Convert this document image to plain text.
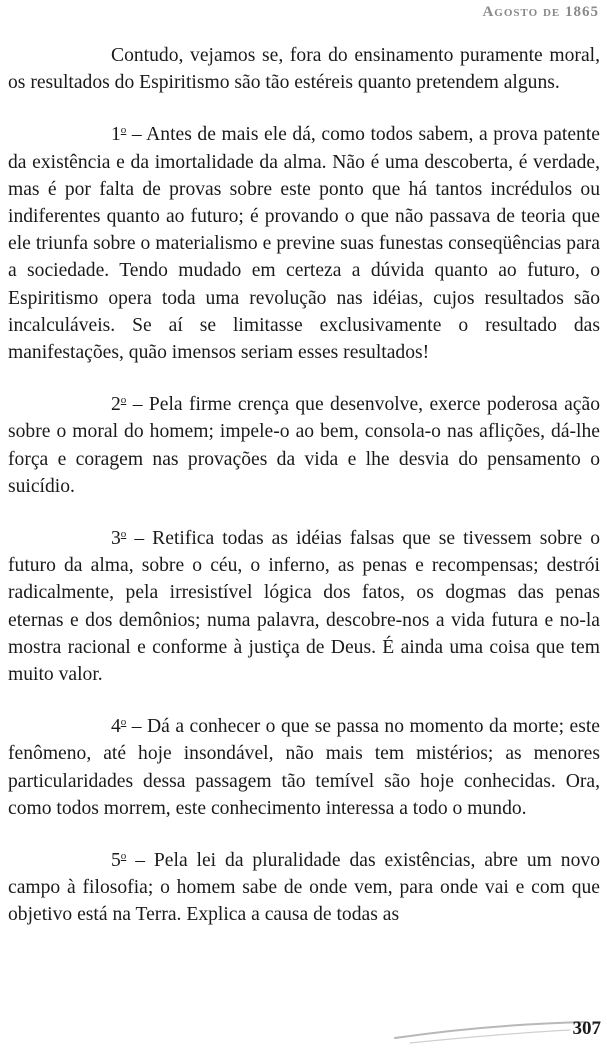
Agosto de 1865

Contudo, vejamos se, fora do ensinamento puramente moral, os resultados do Espiritismo são tão estéreis quanto pretendem alguns.

1$^o$ – Antes de mais ele dá, como todos sabem, a prova patente da existência e da imortalidade da alma. Não é uma descoberta, é verdade, mas é por falta de provas sobre este ponto que há tantos incrédulos ou indiferentes quanto ao futuro; é provando o que não passava de teoria que ele triunfa sobre o materialismo e previne suas funestas conseqüências para a sociedade. Tendo mudado em certeza a dúvida quanto ao futuro, o Espiritismo opera toda uma revolução nas idéias, cujos resultados são incalculáveis. Se aí se limitasse exclusivamente o resultado das manifestações, quão imensos seriam esses resultados!

2$^o$ – Pela firme crença que desenvolve, exerce poderosa ação sobre o moral do homem; impele-o ao bem, consola-o nas aflições, dá-lhe força e coragem nas provações da vida e lhe desvia do pensamento o suicídio.

3$^o$ – Retifica todas as idéias falsas que se tivessem sobre o futuro da alma, sobre o céu, o inferno, as penas e recompensas; destrói radicalmente, pela irresistível lógica dos fatos, os dogmas das penas eternas e dos demônios; numa palavra, descobre-nos a vida futura e no-la mostra racional e conforme à justiça de Deus. É ainda uma coisa que tem muito valor.

4$^o$ – Dá a conhecer o que se passa no momento da morte; este fenômeno, até hoje insondável, não mais tem mistérios; as menores particularidades dessa passagem tão temível são hoje conhecidas. Ora, como todos morrem, este conhecimento interessa a todo o mundo.

5$^o$ – Pela lei da pluralidade das existências, abre um novo campo à filosofia; o homem sabe de onde vem, para onde vai e com que objetivo está na Terra. Explica a causa de todas as

307
